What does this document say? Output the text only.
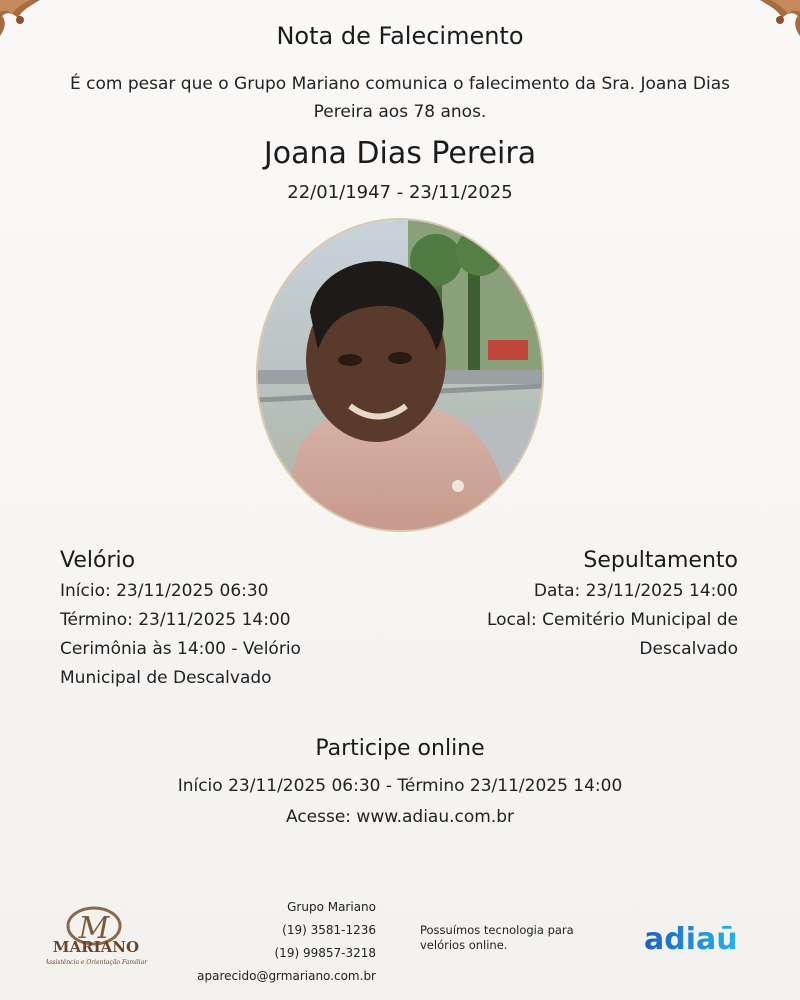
Nota de Falecimento
É com pesar que o Grupo Mariano comunica o falecimento da Sra. Joana Dias Pereira aos 78 anos.
Joana Dias Pereira
22/01/1947 - 23/11/2025
Velório
Início: 23/11/2025 06:30
Término: 23/11/2025 14:00
Cerimônia às 14:00 - Velório Municipal de Descalvado
Sepultamento
Data: 23/11/2025 14:00
Local: Cemitério Municipal de Descalvado
Participe online
Início 23/11/2025 06:30 - Término 23/11/2025 14:00
Acesse: www.adiau.com.br
M
MARIANO
Assistência e Orientação Familiar
Grupo Mariano
(19) 3581-1236
(19) 99857-3218
aparecido@grmariano.com.br
Possuímos tecnologia para velórios online.	adiaū
